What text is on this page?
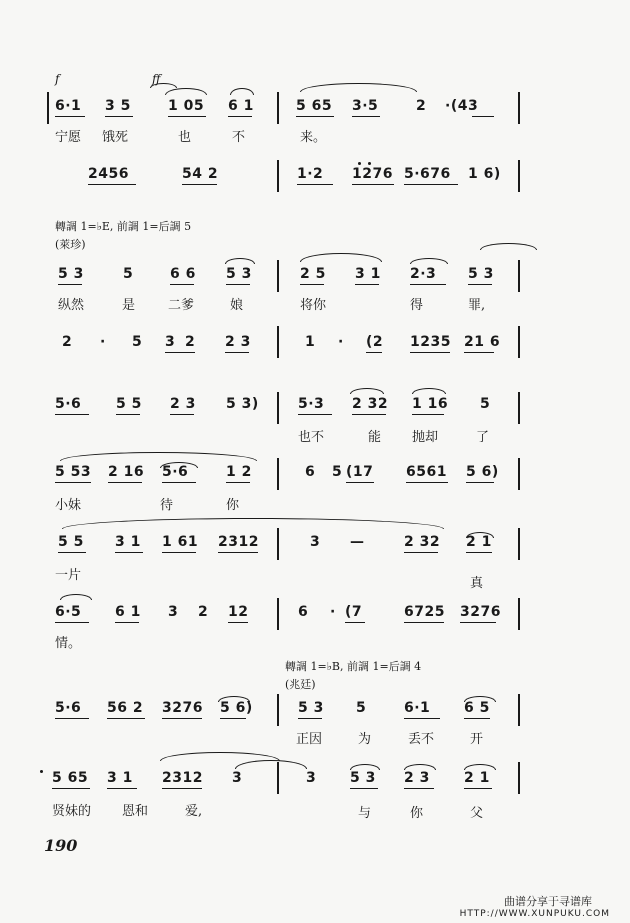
f	ff
6·1 3 5	1 05 6 1	5 65 3·5	2 ·(43
宁愿 饿死	也	不	来。
2456	54 2	1·2 1276 5·676 1 6)
轉調 1=♭E, 前調 1=后調 5
(萊珍)
5 3	5	6 6 5 3	2 5 3 1 2·3 5 3
纵然	是	二爹	娘	将你	得	罪,
2 · 5 3 2 2 3	1 · (2 1235 21 6
5·6 5 5 2 3 5 3)	5·3 2 32 1 16 5
也不	能 抛却	了
5 53 2 16 5·6	1 2	6 5 (17 6561 5 6)
小妹	待	你
5 5 3 1 1 61 2312	3 —	2 32 2 1
一片
真
6·5 6 1 3 2 12	6 · (7	6725 3276
情。
轉調 1=♭B, 前調 1=后調 4
(兆廷)
5·6 56 2 3276 5 6)	5 3 5	6·1 6 5
正因	为	丢不	开
5 65 3 1 2312 3	3 5 3 2 3 2 1
贤妹的 恩和	爱,	与	你	父
190
曲谱分享于寻谱库
HTTP://WWW.XUNPUKU.COM
